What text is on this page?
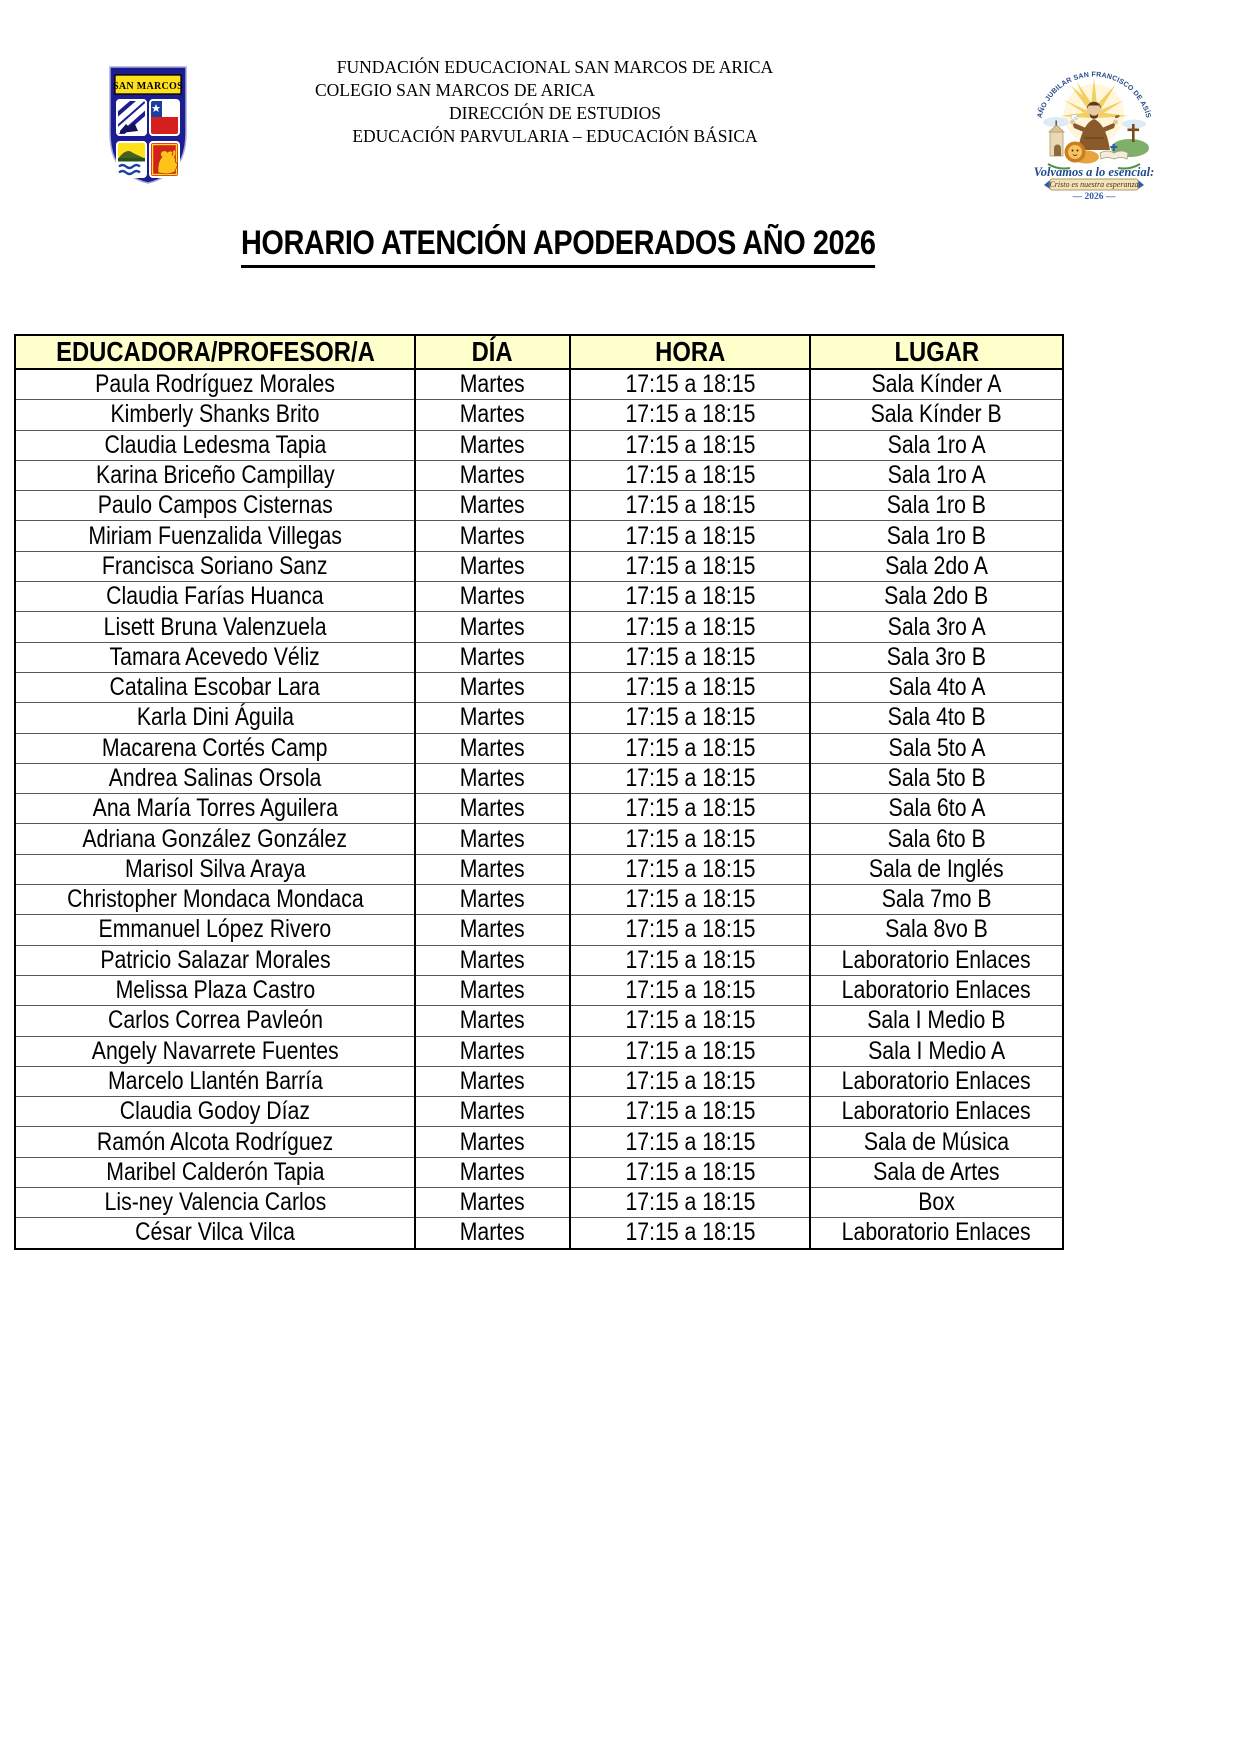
SAN MARCOS
FUNDACIÓN EDUCACIONAL SAN MARCOS DE ARICA
COLEGIO SAN MARCOS DE ARICA
DIRECCIÓN DE ESTUDIOS
EDUCACIÓN PARVULARIA – EDUCACIÓN BÁSICA
AÑO JUBILAR SAN FRANCISCO DE ASÍS
Volvamos a lo esencial:
Cristo es nuestra esperanza
— 2026 —
HORARIO ATENCIÓN APODERADOS AÑO 2026
EDUCADORA/PROFESOR/A	DÍA	HORA	LUGAR
Paula Rodríguez Morales	Martes	17:15 a 18:15	Sala Kínder A
Kimberly Shanks Brito	Martes	17:15 a 18:15	Sala Kínder B
Claudia Ledesma Tapia	Martes	17:15 a 18:15	Sala 1ro A
Karina Briceño Campillay	Martes	17:15 a 18:15	Sala 1ro A
Paulo Campos Cisternas	Martes	17:15 a 18:15	Sala 1ro B
Miriam Fuenzalida Villegas	Martes	17:15 a 18:15	Sala 1ro B
Francisca Soriano Sanz	Martes	17:15 a 18:15	Sala 2do A
Claudia Farías Huanca	Martes	17:15 a 18:15	Sala 2do B
Lisett Bruna Valenzuela	Martes	17:15 a 18:15	Sala 3ro A
Tamara Acevedo Véliz	Martes	17:15 a 18:15	Sala 3ro B
Catalina Escobar Lara	Martes	17:15 a 18:15	Sala 4to A
Karla Dini Águila	Martes	17:15 a 18:15	Sala 4to B
Macarena Cortés Camp	Martes	17:15 a 18:15	Sala 5to A
Andrea Salinas Orsola	Martes	17:15 a 18:15	Sala 5to B
Ana María Torres Aguilera	Martes	17:15 a 18:15	Sala 6to A
Adriana González González	Martes	17:15 a 18:15	Sala 6to B
Marisol Silva Araya	Martes	17:15 a 18:15	Sala de Inglés
Christopher Mondaca Mondaca	Martes	17:15 a 18:15	Sala 7mo B
Emmanuel López Rivero	Martes	17:15 a 18:15	Sala 8vo B
Patricio Salazar Morales	Martes	17:15 a 18:15	Laboratorio Enlaces
Melissa Plaza Castro	Martes	17:15 a 18:15	Laboratorio Enlaces
Carlos Correa Pavleón	Martes	17:15 a 18:15	Sala I Medio B
Angely Navarrete Fuentes	Martes	17:15 a 18:15	Sala I Medio A
Marcelo Llantén Barría	Martes	17:15 a 18:15	Laboratorio Enlaces
Claudia Godoy Díaz	Martes	17:15 a 18:15	Laboratorio Enlaces
Ramón Alcota Rodríguez	Martes	17:15 a 18:15	Sala de Música
Maribel Calderón Tapia	Martes	17:15 a 18:15	Sala de Artes
Lis-ney Valencia Carlos	Martes	17:15 a 18:15	Box
César Vilca Vilca	Martes	17:15 a 18:15	Laboratorio Enlaces
